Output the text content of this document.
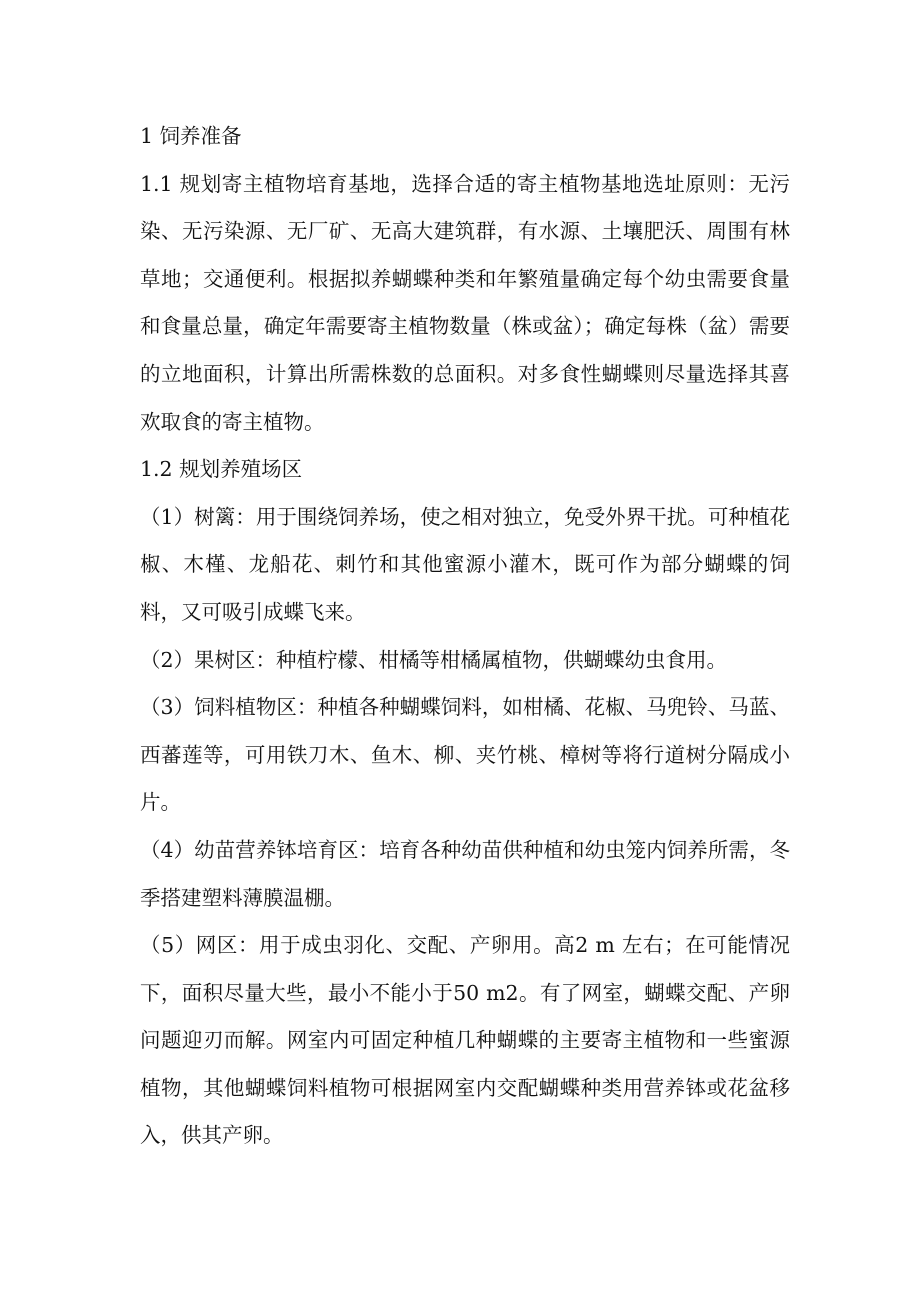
1 饲养准备

1.1 规划寄主植物培育基地，选择合适的寄主植物基地选址原则：无污染、无污染源、无厂矿、无高大建筑群，有水源、土壤肥沃、周围有林草地；交通便利。根据拟养蝴蝶种类和年繁殖量确定每个幼虫需要食量和食量总量，确定年需要寄主植物数量（株或盆）；确定每株（盆）需要的立地面积，计算出所需株数的总面积。对多食性蝴蝶则尽量选择其喜欢取食的寄主植物。

1.2 规划养殖场区

（1）树篱：用于围绕饲养场，使之相对独立，免受外界干扰。可种植花椒、木槿、龙船花、刺竹和其他蜜源小灌木，既可作为部分蝴蝶的饲料，又可吸引成蝶飞来。

（2）果树区：种植柠檬、柑橘等柑橘属植物，供蝴蝶幼虫食用。

（3）饲料植物区：种植各种蝴蝶饲料，如柑橘、花椒、马兜铃、马蓝、西蕃莲等，可用铁刀木、鱼木、柳、夹竹桃、樟树等将行道树分隔成小片。

（4）幼苗营养钵培育区：培育各种幼苗供种植和幼虫笼内饲养所需，冬季搭建塑料薄膜温棚。

（5）网区：用于成虫羽化、交配、产卵用。高2 m 左右；在可能情况下，面积尽量大些，最小不能小于50 m2。有了网室，蝴蝶交配、产卵问题迎刃而解。网室内可固定种植几种蝴蝶的主要寄主植物和一些蜜源植物，其他蝴蝶饲料植物可根据网室内交配蝴蝶种类用营养钵或花盆移入，供其产卵。
